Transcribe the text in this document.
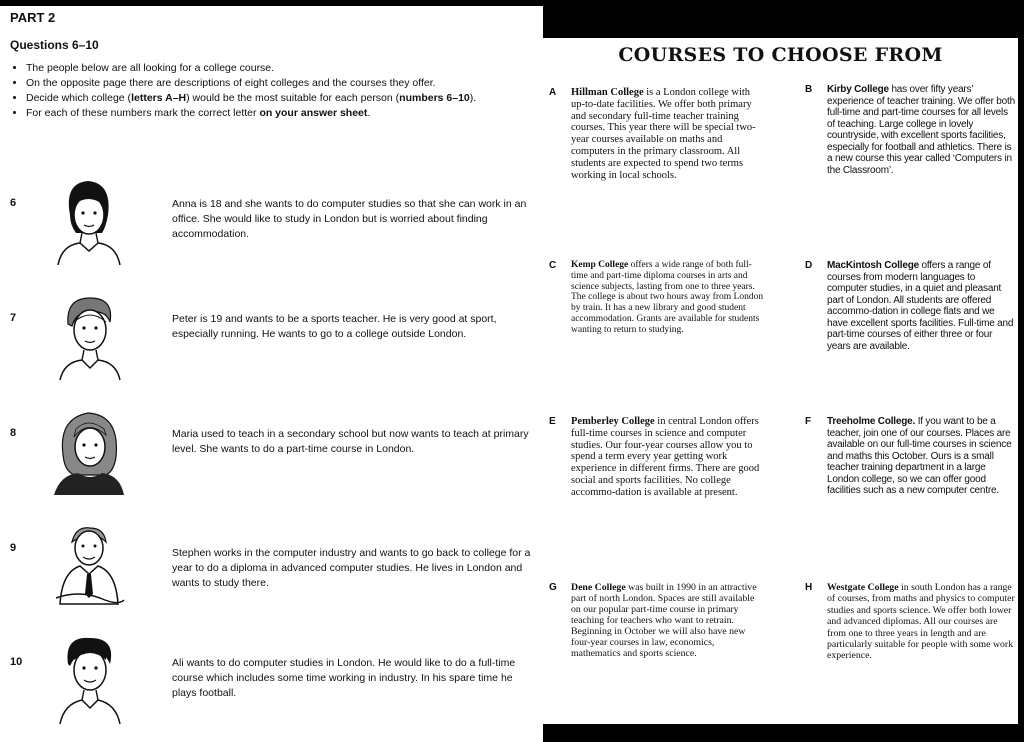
PART 2
Questions 6–10
• The people below are all looking for a college course.
• On the opposite page there are descriptions of eight colleges and the courses they offer.
• Decide which college (letters A–H) would be the most suitable for each person (numbers 6–10).
• For each of these numbers mark the correct letter on your answer sheet.
6	Anna is 18 and she wants to do computer studies so that she can work in an office. She would like to study in London but is worried about finding accommodation.
7	Peter is 19 and wants to be a sports teacher. He is very good at sport, especially running. He wants to go to a college outside London.
8	Maria used to teach in a secondary school but now wants to teach at primary level. She wants to do a part-time course in London.
9	Stephen works in the computer industry and wants to go back to college for a year to do a diploma in advanced computer studies. He lives in London and wants to study there.
10	Ali wants to do computer studies in London. He would like to do a full-time course which includes some time working in industry. In his spare time he plays football.
COURSES TO CHOOSE FROM
A Hillman College is a London college with up-to-date facilities. We offer both primary and secondary full-time teacher training courses. This year there will be special two-year courses available on maths and computers in the primary classroom. All students are expected to spend two terms working in local schools.
B Kirby College has over fifty years’ experience of teacher training. We offer both full-time and part-time courses for all levels of teaching. Large college in lovely countryside, with excellent sports facilities, especially for football and athletics. There is a new course this year called ‘Computers in the Classroom’.
C Kemp College offers a wide range of both full-time and part-time diploma courses in arts and science subjects, lasting from one to three years. The college is about two hours away from London by train. It has a new library and good student accommodation. Grants are available for students wanting to return to studying.
D MacKintosh College offers a range of courses from modern languages to computer studies, in a quiet and pleasant part of London. All students are offered accommo-dation in college flats and we have excellent sports facilities. Full-time and part-time courses of either three or four years are available.
E Pemberley College in central London offers full-time courses in science and computer studies. Our four-year courses allow you to spend a term every year getting work experience in different firms. There are good social and sports facilities. No college accommo-dation is available at present.
F Treeholme College. If you want to be a teacher, join one of our courses. Places are available on our full-time courses in science and maths this October. Ours is a small teacher training department in a large London college, so we can offer good facilities such as a new computer centre.
G Dene College was built in 1990 in an attractive part of north London. Spaces are still available on our popular part-time course in primary teaching for teachers who want to retrain. Beginning in October we will also have new four-year courses in law, economics, mathematics and sports science.
H Westgate College in south London has a range of courses, from maths and physics to computer studies and sports science. We offer both lower and advanced diplomas. All our courses are from one to three years in length and are particularly suitable for people with some work experience.
